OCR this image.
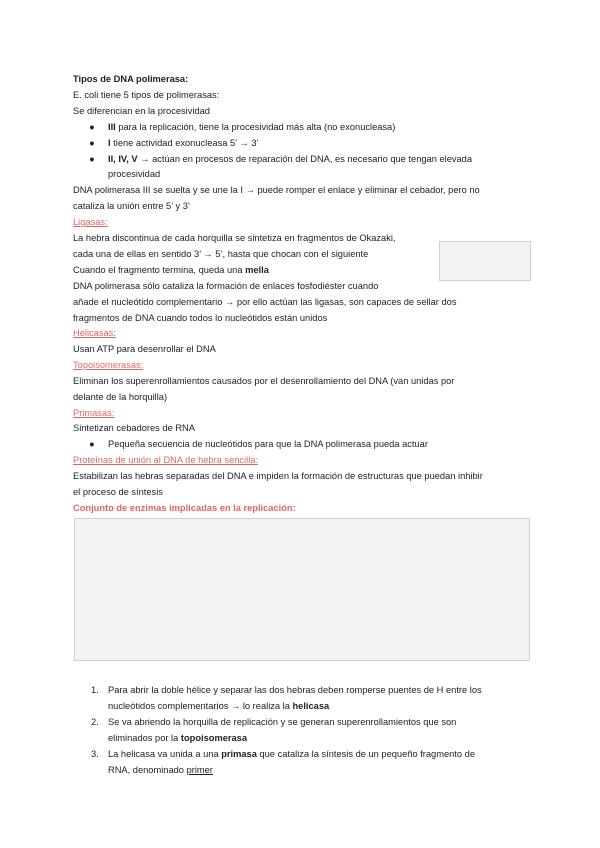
Tipos de DNA polimerasa:
E. coli tiene 5 tipos de polimerasas:
Se diferencian en la procesividad
● III para la replicación, tiene la procesividad más alta (no exonucleasa)
● I tiene actividad exonucleasa 5’ → 3’
● II, IV, V → actúan en procesos de reparación del DNA, es necesario que tengan elevada
procesividad
DNA polimerasa III se suelta y se une la I → puede romper el enlace y eliminar el cebador, pero no
cataliza la unión entre 5’ y 3’
Ligasas:
La hebra discontinua de cada horquilla se sintetiza en fragmentos de Okazaki,
cada una de ellas en sentido 3’ → 5’, hasta que chocan con el siguiente
Cuando el fragmento termina, queda una mella
DNA polimerasa sólo cataliza la formación de enlaces fosfodiéster cuando
añade el nucleótido complementario → por ello actúan las ligasas, son capaces de sellar dos
fragmentos de DNA cuando todos lo nucleótidos están unidos
Helicasas:
Usan ATP para desenrollar el DNA
Topoisomerasas:
Eliminan los superenrollamientos causados por el desenrollamiento del DNA (van unidas por
delante de la horquilla)
Primasas:
Sintetizan cebadores de RNA
● Pequeña secuencia de nucleótidos para que la DNA polimerasa pueda actuar
Proteínas de unión al DNA de hebra sencilla:
Estabilizan las hebras separadas del DNA e impiden la formación de estructuras que puedan inhibir
el proceso de síntesis
Conjunto de enzimas implicadas en la replicación:
1. Para abrir la doble hélice y separar las dos hebras deben romperse puentes de H entre los
nucleótidos complementarios → lo realiza la helicasa
2. Se va abriendo la horquilla de replicación y se generan superenrollamientos que son
eliminados por la topoisomerasa
3. La helicasa va unida a una primasa que cataliza la síntesis de un pequeño fragmento de
RNA, denominado primer
